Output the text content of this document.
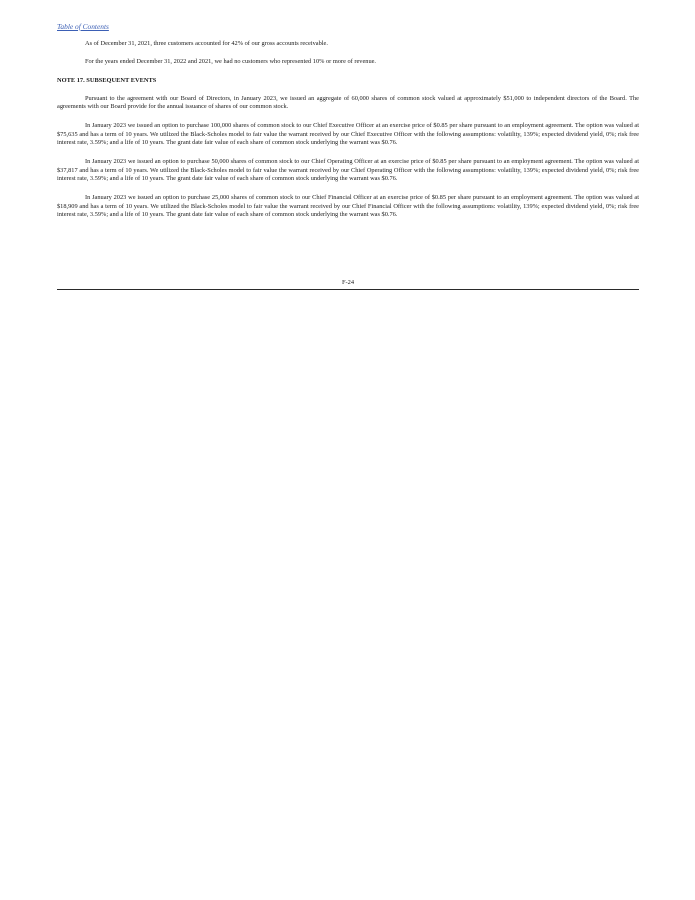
Table of Contents

As of December 31, 2021, three customers accounted for 42% of our gross accounts receivable.

For the years ended December 31, 2022 and 2021, we had no customers who represented 10% or more of revenue.

NOTE 17. SUBSEQUENT EVENTS

Pursuant to the agreement with our Board of Directors, in January 2023, we issued an aggregate of 60,000 shares of common stock valued at approximately $51,000 to independent directors of the Board. The agreements with our Board provide for the annual issuance of shares of our common stock.

In January 2023 we issued an option to purchase 100,000 shares of common stock to our Chief Executive Officer at an exercise price of $0.85 per share pursuant to an employment agreement. The option was valued at $75,635 and has a term of 10 years. We utilized the Black-Scholes model to fair value the warrant received by our Chief Executive Officer with the following assumptions: volatility, 139%; expected dividend yield, 0%; risk free interest rate, 3.59%; and a life of 10 years. The grant date fair value of each share of common stock underlying the warrant was $0.76.

In January 2023 we issued an option to purchase 50,000 shares of common stock to our Chief Operating Officer at an exercise price of $0.85 per share pursuant to an employment agreement. The option was valued at $37,817 and has a term of 10 years. We utilized the Black-Scholes model to fair value the warrant received by our Chief Operating Officer with the following assumptions: volatility, 139%; expected dividend yield, 0%; risk free interest rate, 3.59%; and a life of 10 years. The grant date fair value of each share of common stock underlying the warrant was $0.76.

In January 2023 we issued an option to purchase 25,000 shares of common stock to our Chief Financial Officer at an exercise price of $0.85 per share pursuant to an employment agreement. The option was valued at $18,909 and has a term of 10 years. We utilized the Black-Scholes model to fair value the warrant received by our Chief Financial Officer with the following assumptions: volatility, 139%; expected dividend yield, 0%; risk free interest rate, 3.59%; and a life of 10 years. The grant date fair value of each share of common stock underlying the warrant was $0.76.

F-24
